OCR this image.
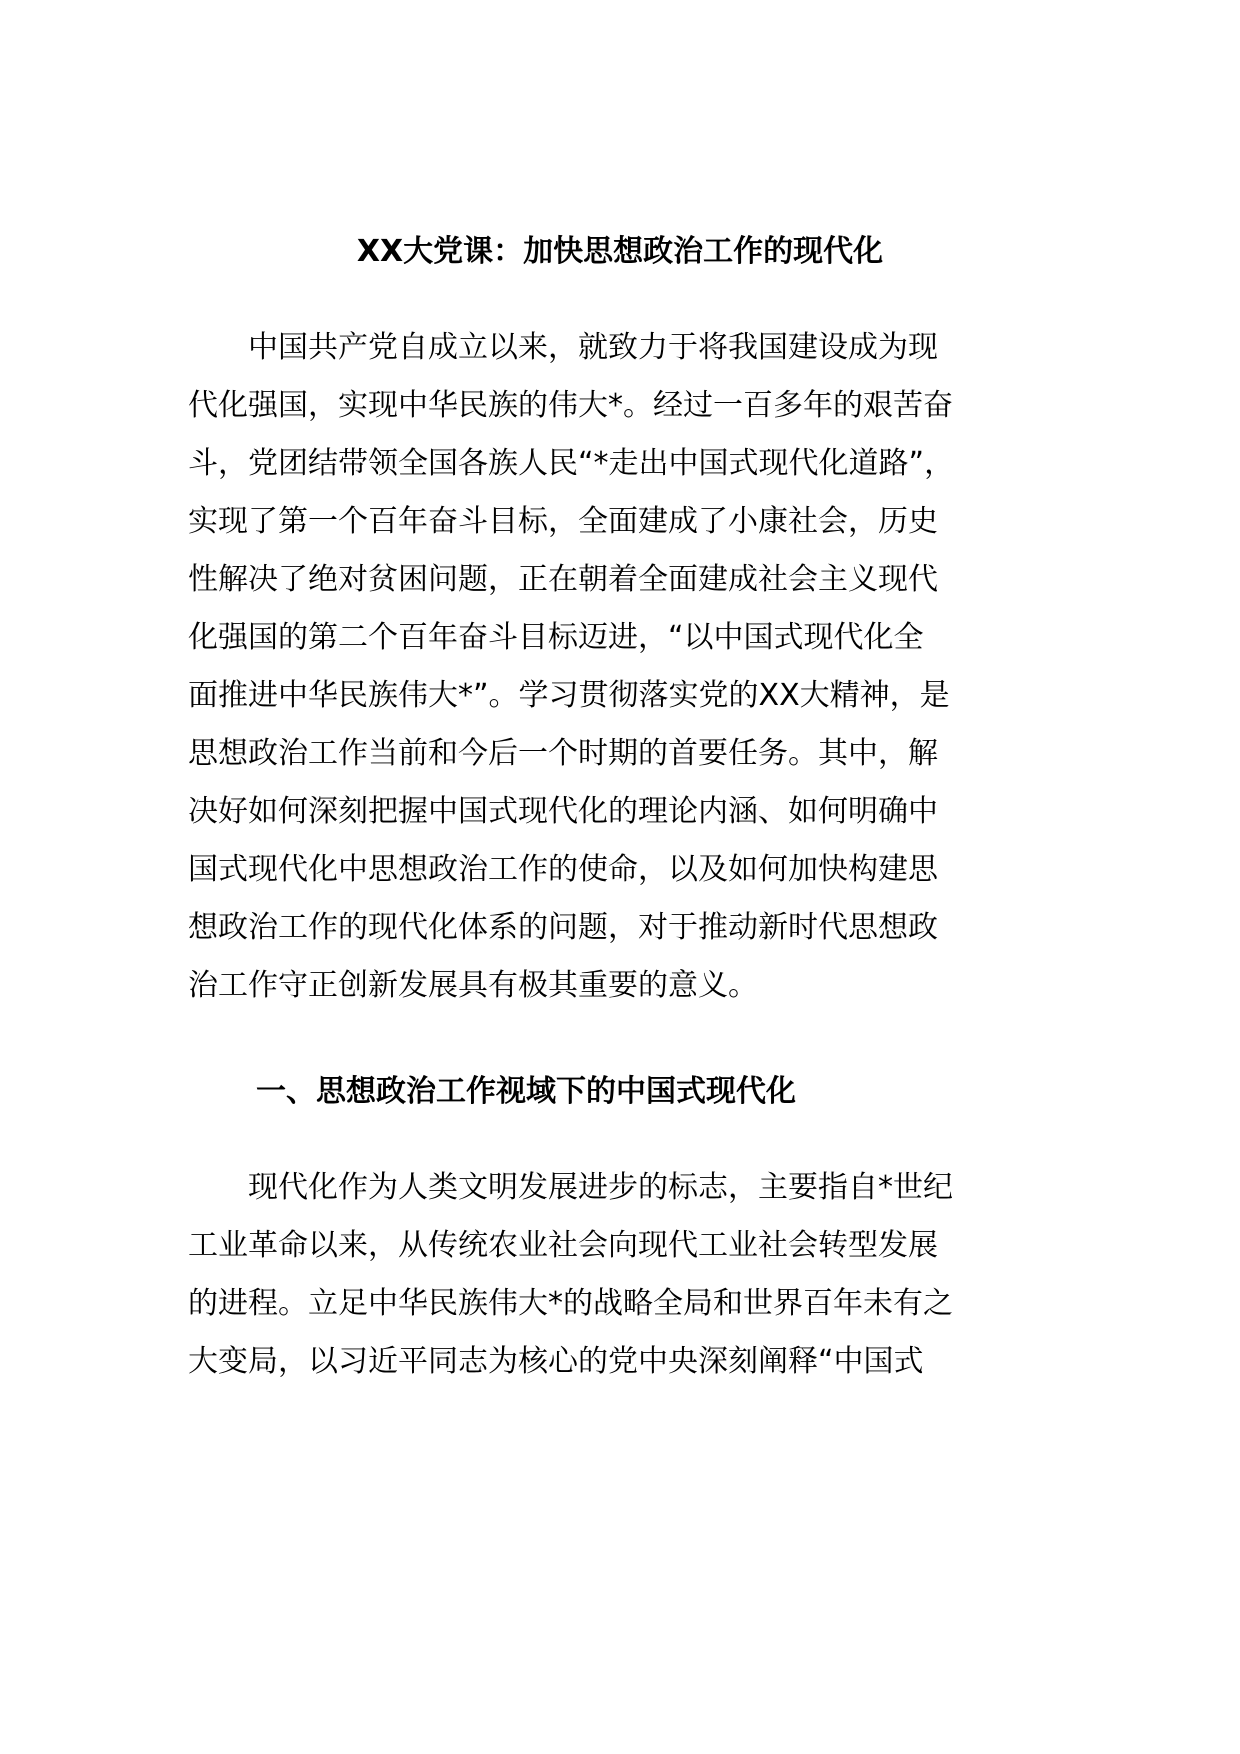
XX大党课：加快思想政治工作的现代化
　　中国共产党自成立以来，就致力于将我国建设成为现
代化强国，实现中华民族的伟大*。经过一百多年的艰苦奋
斗，党团结带领全国各族人民“*走出中国式现代化道路”，
实现了第一个百年奋斗目标，全面建成了小康社会，历史
性解决了绝对贫困问题，正在朝着全面建成社会主义现代
化强国的第二个百年奋斗目标迈进，“以中国式现代化全
面推进中华民族伟大*”。学习贯彻落实党的XX大精神，是
思想政治工作当前和今后一个时期的首要任务。其中，解
决好如何深刻把握中国式现代化的理论内涵、如何明确中
国式现代化中思想政治工作的使命，以及如何加快构建思
想政治工作的现代化体系的问题，对于推动新时代思想政
治工作守正创新发展具有极其重要的意义。
一、思想政治工作视域下的中国式现代化
　　现代化作为人类文明发展进步的标志，主要指自*世纪
工业革命以来，从传统农业社会向现代工业社会转型发展
的进程。立足中华民族伟大*的战略全局和世界百年未有之
大变局，以习近平同志为核心的党中央深刻阐释“中国式
